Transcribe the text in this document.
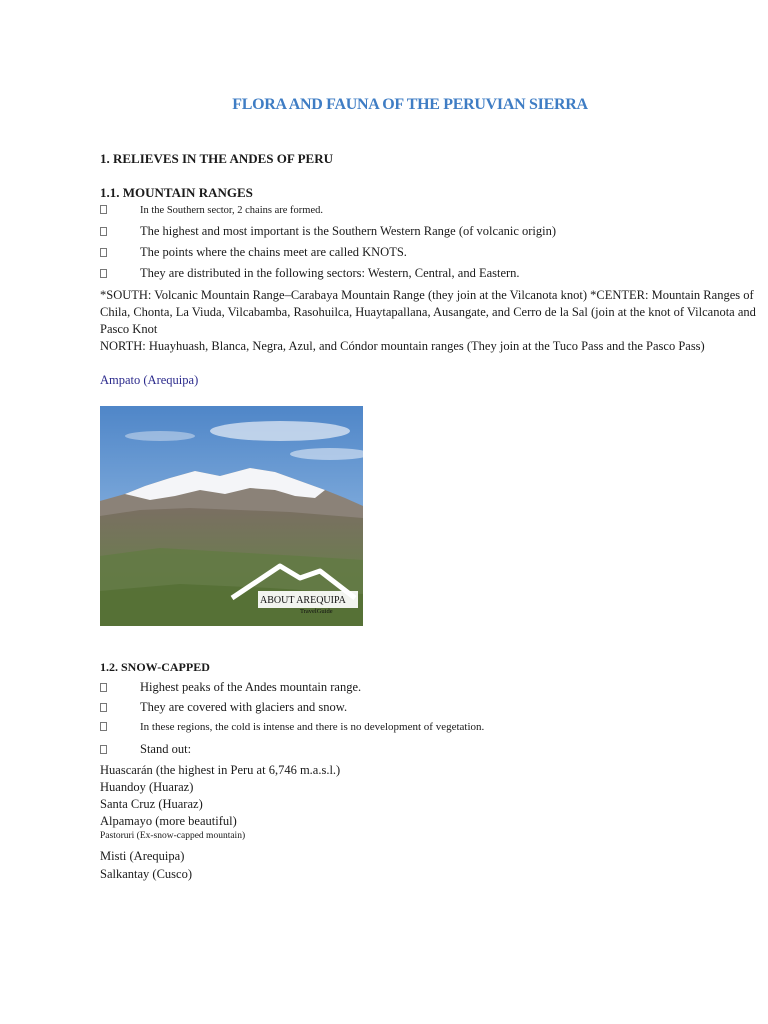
FLORA AND FAUNA OF THE PERUVIAN SIERRA
1. RELIEVES IN THE ANDES OF PERU
1.1. MOUNTAIN RANGES
In the Southern sector, 2 chains are formed.
The highest and most important is the Southern Western Range (of volcanic origin)
The points where the chains meet are called KNOTS.
They are distributed in the following sectors: Western, Central, and Eastern.

*SOUTH: Volcanic Mountain Range–Carabaya Mountain Range (they join at the Vilcanota knot) *CENTER: Mountain Ranges of Chila, Chonta, La Viuda, Vilcabamba, Rasohuilca, Huaytapallana, Ausangate, and Cerro de la Sal (join at the knot of Vilcanota and Pasco Knot

NORTH: Huayhuash, Blanca, Negra, Azul, and Cóndor mountain ranges (They join at the Tuco Pass and the Pasco Pass)

Ampato (Arequipa)

ABOUT AREQUIPA
TravelGuide
1.2. SNOW-CAPPED
Highest peaks of the Andes mountain range.
They are covered with glaciers and snow.
In these regions, the cold is intense and there is no development of vegetation.
Stand out:

Huascarán (the highest in Peru at 6,746 m.a.s.l.)

Huandoy (Huaraz)

Santa Cruz (Huaraz)

Alpamayo (more beautiful)

Pastoruri (Ex-snow-capped mountain)

Misti (Arequipa)

Salkantay (Cusco)
